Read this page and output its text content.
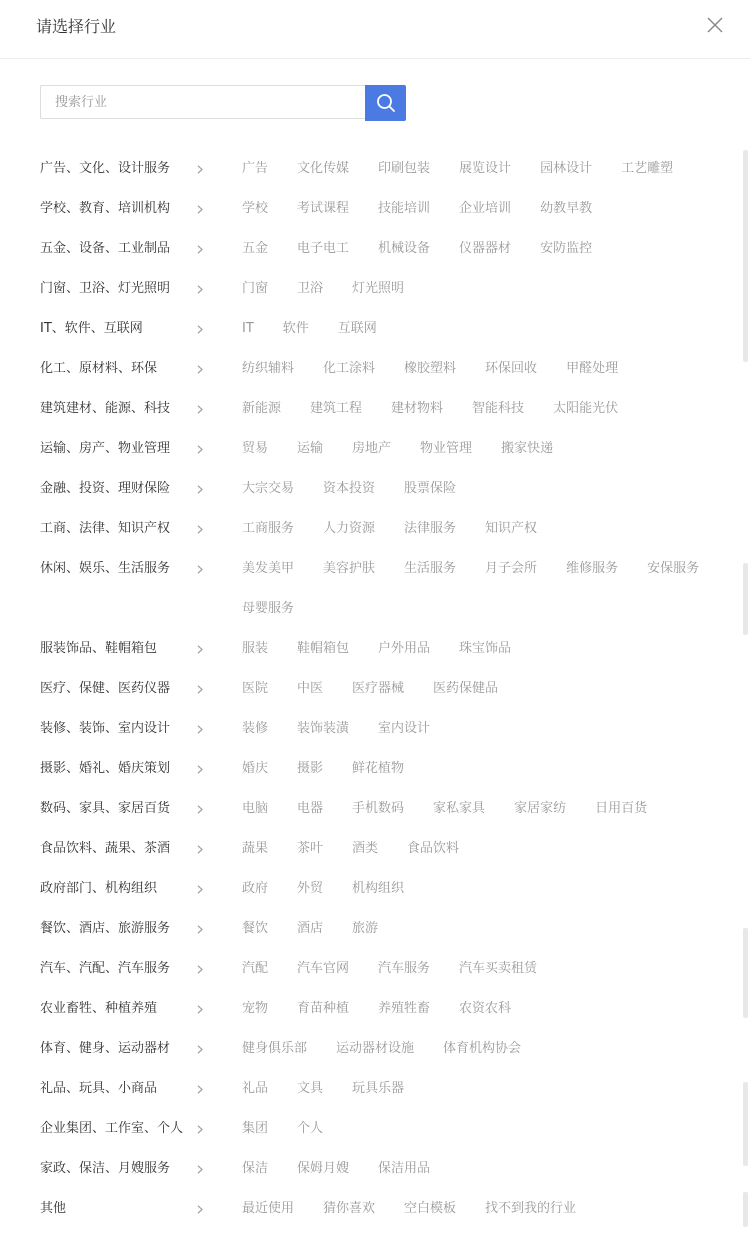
请选择行业
搜索行业
广告、文化、设计服务	广告 文化传媒 印刷包装 展览设计 园林设计 工艺雕塑
学校、教育、培训机构	学校 考试课程 技能培训 企业培训 幼教早教
五金、设备、工业制品	五金 电子电工 机械设备 仪器器材 安防监控
门窗、卫浴、灯光照明	门窗 卫浴 灯光照明
IT、软件、互联网	IT 软件 互联网
化工、原材料、环保	纺织辅料 化工涂料 橡胶塑料 环保回收 甲醛处理
建筑建材、能源、科技	新能源 建筑工程 建材物料 智能科技 太阳能光伏
运输、房产、物业管理	贸易 运输 房地产 物业管理 搬家快递
金融、投资、理财保险	大宗交易 资本投资 股票保险
工商、法律、知识产权	工商服务 人力资源 法律服务 知识产权
休闲、娱乐、生活服务	美发美甲 美容护肤 生活服务 月子会所 维修服务 安保服务
母婴服务
服装饰品、鞋帽箱包	服装 鞋帽箱包 户外用品 珠宝饰品
医疗、保健、医药仪器	医院 中医 医疗器械 医药保健品
装修、装饰、室内设计	装修 装饰装潢 室内设计
摄影、婚礼、婚庆策划	婚庆 摄影 鲜花植物
数码、家具、家居百货	电脑 电器 手机数码 家私家具 家居家纺 日用百货
食品饮料、蔬果、茶酒	蔬果 茶叶 酒类 食品饮料
政府部门、机构组织	政府 外贸 机构组织
餐饮、酒店、旅游服务	餐饮 酒店 旅游
汽车、汽配、汽车服务	汽配 汽车官网 汽车服务 汽车买卖租赁
农业畜牲、种植养殖	宠物 育苗种植 养殖牲畜 农资农科
体育、健身、运动器材	健身俱乐部 运动器材设施 体育机构协会
礼品、玩具、小商品	礼品 文具 玩具乐器
企业集团、工作室、个人	集团 个人
家政、保洁、月嫂服务	保洁 保姆月嫂 保洁用品
其他	最近使用 猜你喜欢 空白模板 找不到我的行业
